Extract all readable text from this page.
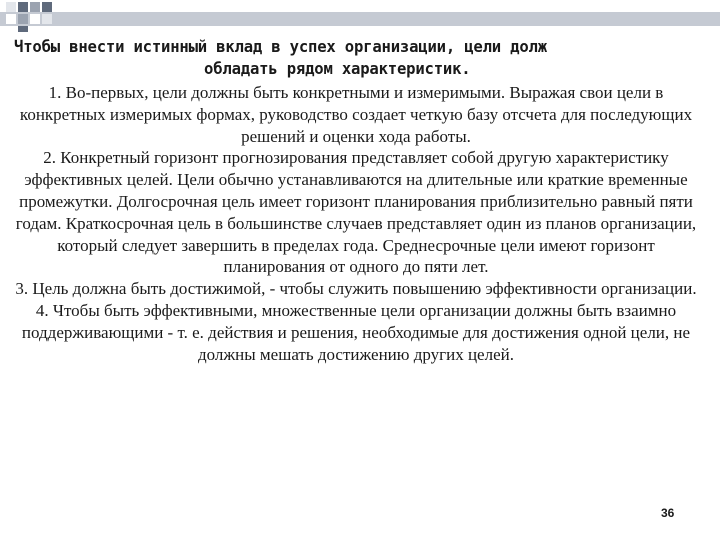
Чтобы внести истинный вклад в успех организации, цели долж
обладать рядом характеристик.

1. Во-первых, цели должны быть конкретными и измеримыми. Выражая свои цели в конкретных измеримых формах, руководство создает четкую базу отсчета для последующих решений и оценки хода работы.

2. Конкретный горизонт прогнозирования представляет собой другую характеристику эффективных целей. Цели обычно устанавливаются на длительные или краткие временные промежутки. Долгосрочная цель имеет горизонт планирования приблизительно равный пяти годам. Краткосрочная цель в большинстве случаев представляет один из планов организации, который следует завершить в пределах года. Среднесрочные цели имеют горизонт планирования от одного до пяти лет.

3. Цель должна быть достижимой, - чтобы служить повышению эффективности организации.

4. Чтобы быть эффективными, множественные цели организации должны быть взаимно поддерживающими - т. е. действия и решения, необходимые для достижения одной цели, не должны мешать достижению других целей.

36
